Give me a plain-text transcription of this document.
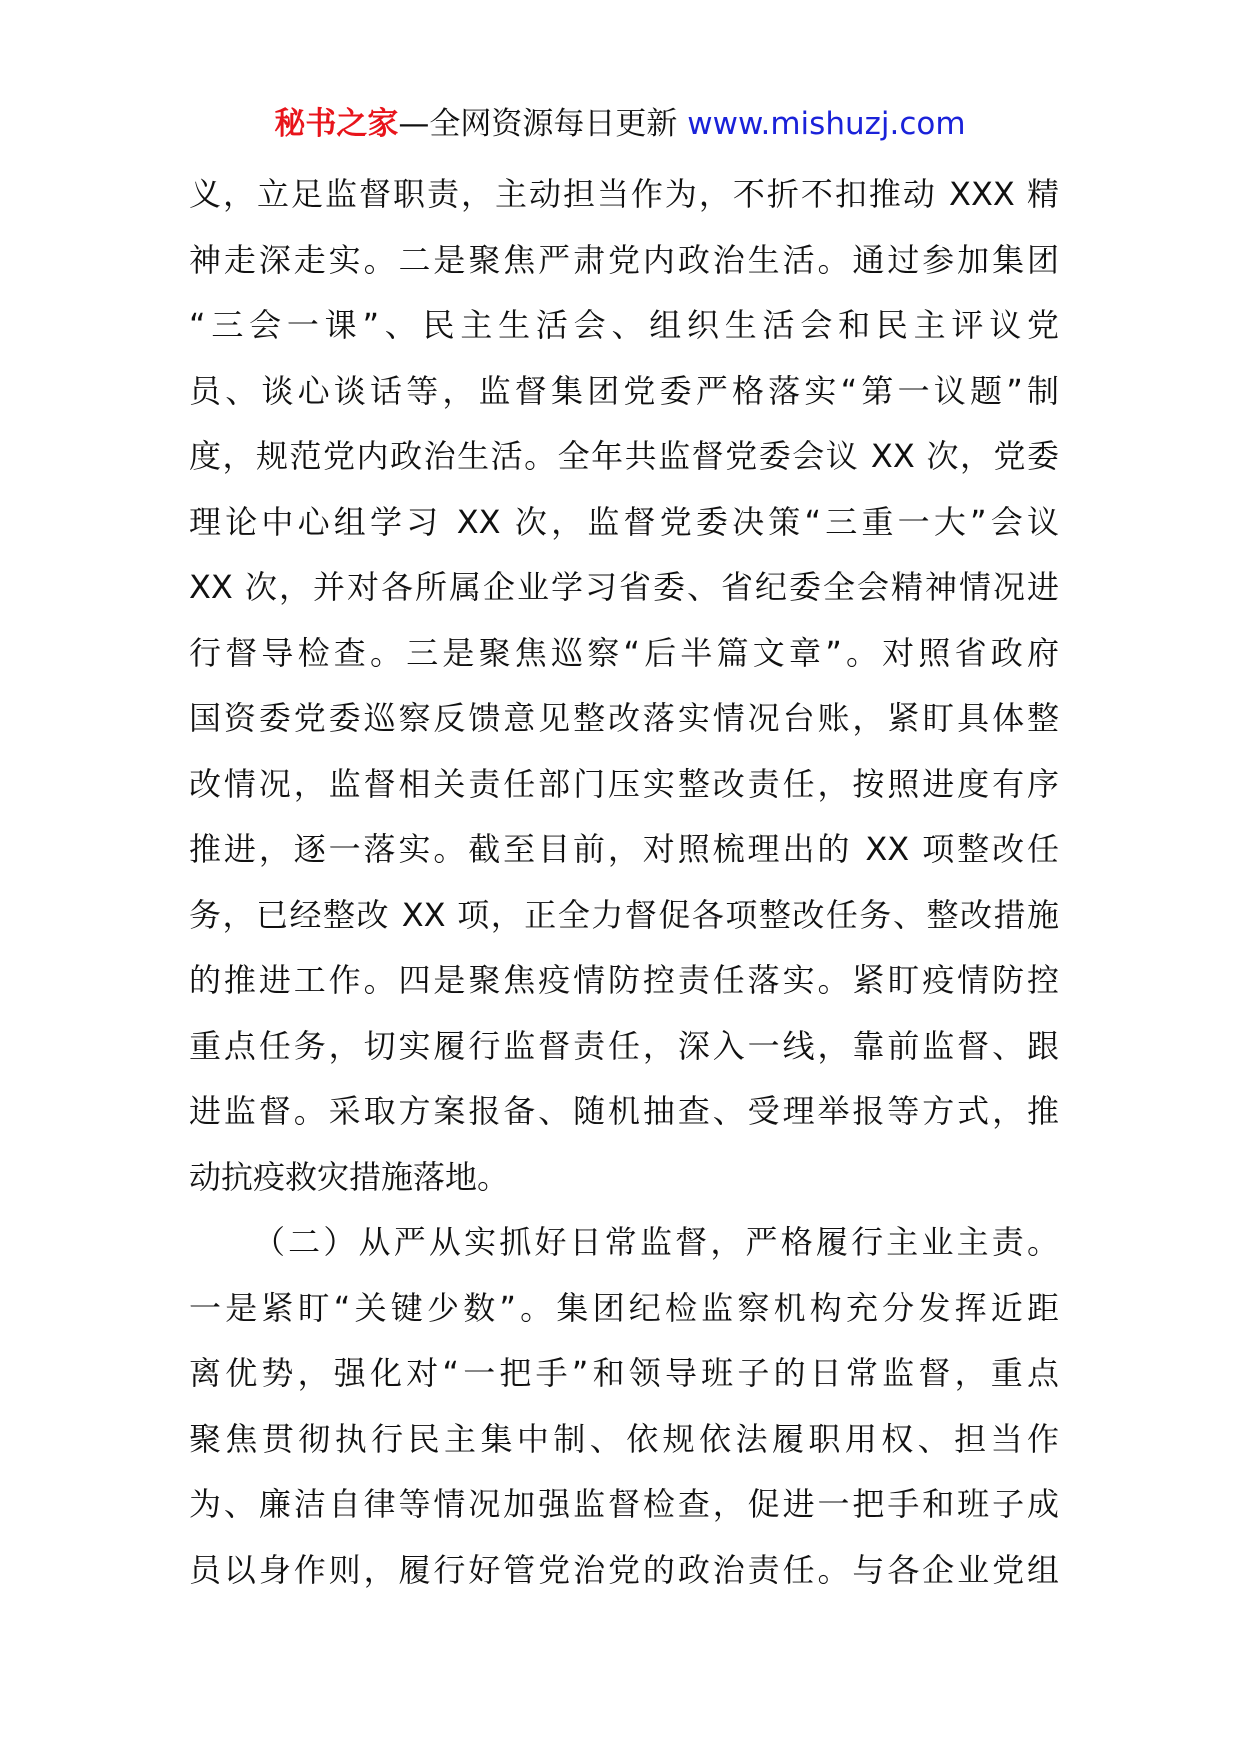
秘书之家—全网资源每日更新 www.mishuzj.com
义，立足监督职责，主动担当作为，不折不扣推动 XXX 精
神走深走实。二是聚焦严肃党内政治生活。通过参加集团
“三会一课”、民主生活会、组织生活会和民主评议党
员、谈心谈话等，监督集团党委严格落实“第一议题”制
度，规范党内政治生活。全年共监督党委会议 XX 次，党委
理论中心组学习 XX 次，监督党委决策“三重一大”会议
XX 次，并对各所属企业学习省委、省纪委全会精神情况进
行督导检查。三是聚焦巡察“后半篇文章”。对照省政府
国资委党委巡察反馈意见整改落实情况台账，紧盯具体整
改情况，监督相关责任部门压实整改责任，按照进度有序
推进，逐一落实。截至目前，对照梳理出的 XX 项整改任
务，已经整改 XX 项，正全力督促各项整改任务、整改措施
的推进工作。四是聚焦疫情防控责任落实。紧盯疫情防控
重点任务，切实履行监督责任，深入一线，靠前监督、跟
进监督。采取方案报备、随机抽查、受理举报等方式，推
动抗疫救灾措施落地。
（二）从严从实抓好日常监督，严格履行主业主责。
一是紧盯“关键少数”。集团纪检监察机构充分发挥近距
离优势，强化对“一把手”和领导班子的日常监督，重点
聚焦贯彻执行民主集中制、依规依法履职用权、担当作
为、廉洁自律等情况加强监督检查，促进一把手和班子成
员以身作则，履行好管党治党的政治责任。与各企业党组
